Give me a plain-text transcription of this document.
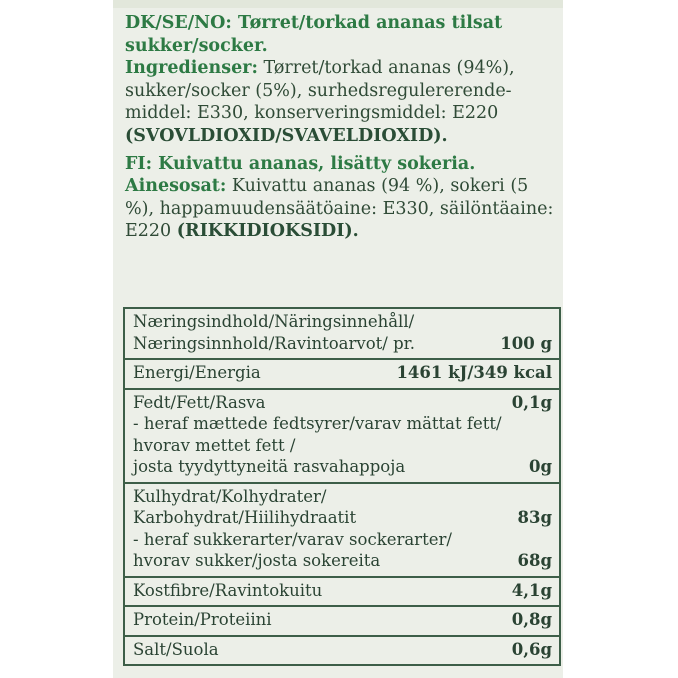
DK/SE/NO: Tørret/torkad ananas tilsat sukker/socker.
Ingredienser: Tørret/torkad ananas (94%), sukker/socker (5%), surhedsregulererende-middel: E330, konserveringsmiddel: E220 (SVOVLDIOXID/SVAVELDIOXID).

FI: Kuivattu ananas, lisätty sokeria.
Ainesosat: Kuivattu ananas (94 %), sokeri (5 %), happamuudensäätöaine: E330, säilöntäaine: E220 (RIKKIDIOKSIDI).

Næringsindhold/Näringsinnehåll/
Næringsinnhold/Ravintoarvot/ pr.	100 g
Energi/Energia	1461 kJ/349 kcal
Fedt/Fett/Rasva	0,1g
- heraf mættede fedtsyrer/varav mättat fett/
hvorav mettet fett /
josta tyydyttyneitä rasvahappoja	0g
Kulhydrat/Kolhydrater/
Karbohydrat/Hiilihydraatit	83g
- heraf sukkerarter/varav sockerarter/
hvorav sukker/josta sokereita	68g
Kostfibre/Ravintokuitu	4,1g
Protein/Proteiini	0,8g
Salt/Suola	0,6g
